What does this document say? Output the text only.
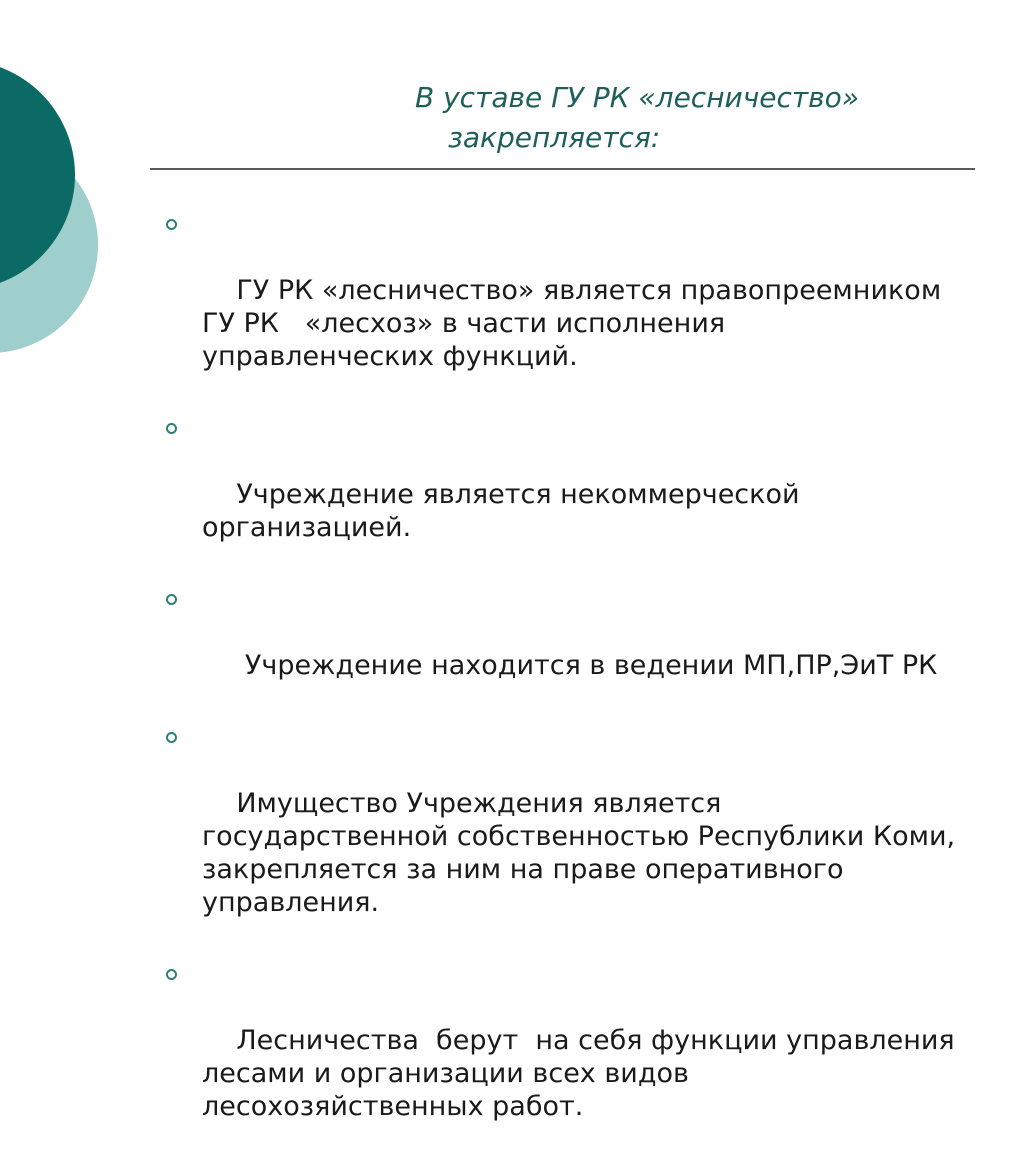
В уставе ГУ РК «лесничество»
закрепляется:

ГУ РК «лесничество» является правопреемником ГУ РК   «лесхоз» в части исполнения управленческих функций.

Учреждение является некоммерческой организацией.

Учреждение находится в ведении МП,ПР,ЭиТ РК

Имущество Учреждения является государственной собственностью Республики Коми, закрепляется за ним на праве оперативного управления.

Лесничества  берут  на себя функции управления лесами и организации всех видов лесохозяйственных работ.
